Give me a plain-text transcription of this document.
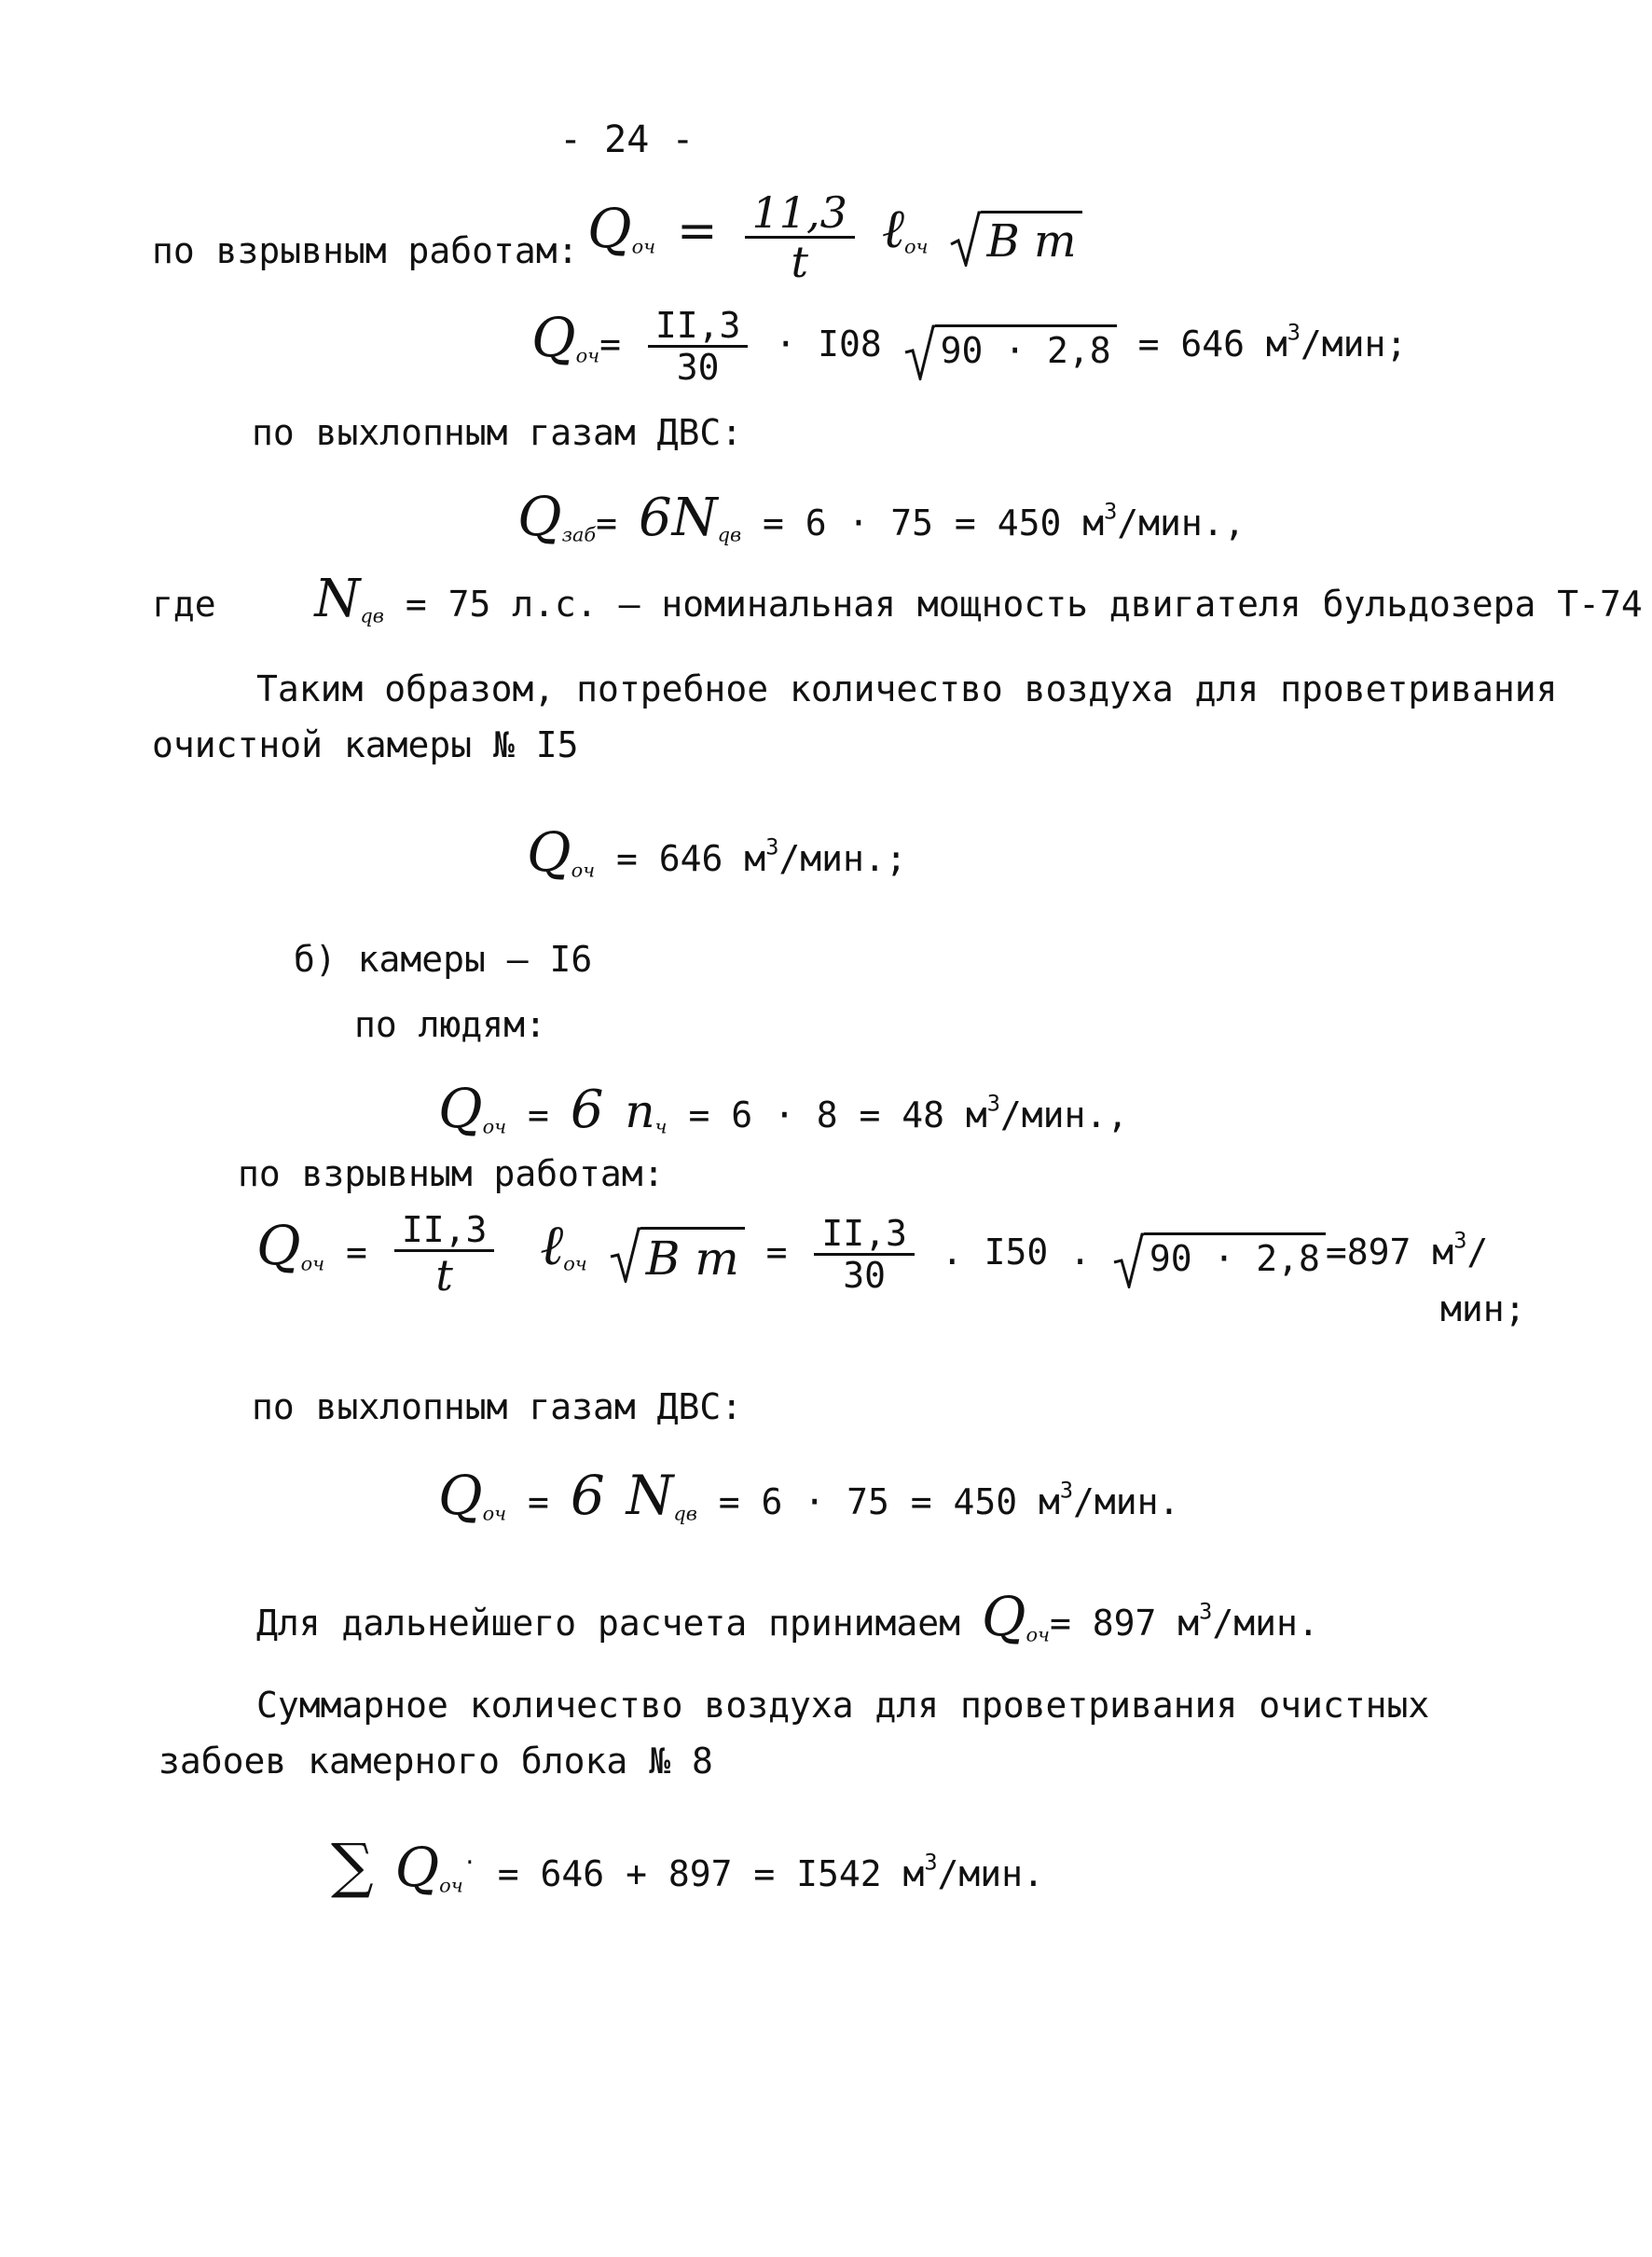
- 24 -
по взрывным работам: $Q_{оч} = \frac{11,3}{t}$ ℓ$_{оч}$ B m
$Q_{оч}= \frac{II,3}{30} \cdot I08$ 90 · 2,8 = 646 $м^3$/мин;
по выхлопным газам ДВС:
$Q_{заб}= 6N_{qв} = 6 \cdot 75 = 450$ $м^3$/мин.,
где $N_{qв} = 75$ л.с. – номинальная мощность двигателя бульдозера Т-74
Таким образом, потребное количество воздуха для проветривания
очистной камеры № I5
$Q_{оч} = 646$ $м^3$/мин.;
б) камеры – I6
по людям:
$Q_{оч} = 6$ $n_ч = 6 \cdot 8 = 48$ $м^3$/мин.,
по взрывным работам:
$Q_{оч} = \frac{II,3}{t}$ ℓ$_{оч}$ B $m = \frac{II,3}{30}$ . I50 . 90 · 2,8 =897 $м^3/$
мин;
по выхлопным газам ДВС:
$Q_{оч} = 6$ $N_{qв} = 6 \cdot 75 = 450$ $м^3$/мин.
Для дальнейшего расчета принимаем $Q_{оч}= 897$ $м^3$/мин.
Суммарное количество воздуха для проветривания очистных
забоев камерного блока № 8
∑ $Q_{оч}^\cdot = 646 + 897 = I542$ $м^3$/мин.
